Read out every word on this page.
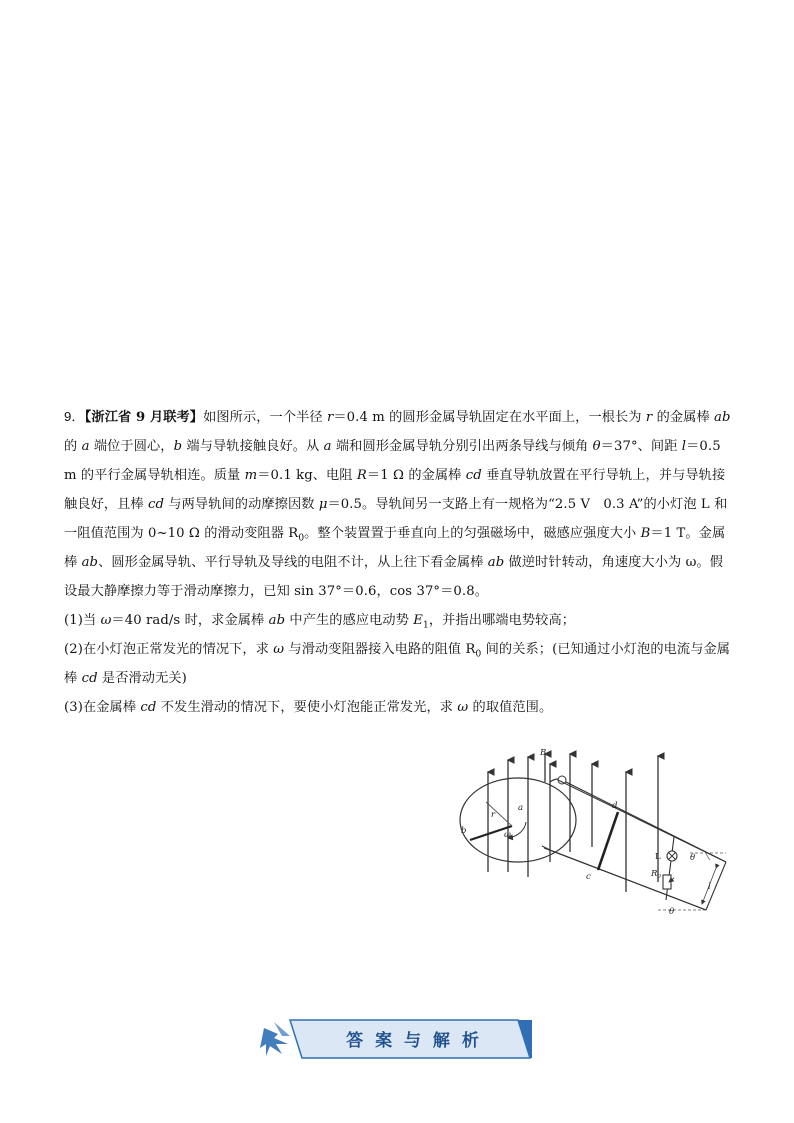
9．【浙江省 9 月联考】如图所示，一个半径 r＝0.4 m 的圆形金属导轨固定在水平面上，一根长为 r 的金属棒 ab 的 a 端位于圆心，b 端与导轨接触良好。从 a 端和圆形金属导轨分别引出两条导线与倾角 θ＝37°、间距 l＝0.5 m 的平行金属导轨相连。质量 m＝0.1 kg、电阻 R＝1 Ω 的金属棒 cd 垂直导轨放置在平行导轨上，并与导轨接触良好，且棒 cd 与两导轨间的动摩擦因数 μ＝0.5。导轨间另一支路上有一规格为“2.5 V　0.3 A”的小灯泡 L 和一阻值范围为 0~10 Ω 的滑动变阻器 $R_0$。整个装置置于垂直向上的匀强磁场中，磁感应强度大小 B＝1 T。金属棒 ab、圆形金属导轨、平行导轨及导线的电阻不计，从上往下看金属棒 ab 做逆时针转动，角速度大小为 ω。假设最大静摩擦力等于滑动摩擦力，已知 sin 37°＝0.6，cos 37°＝0.8。

(1)当 ω＝40 rad/s 时，求金属棒 ab 中产生的感应电动势 $E_1$，并指出哪端电势较高；

(2)在小灯泡正常发光的情况下，求 ω 与滑动变阻器接入电路的阻值 $R_0$ 间的关系；(已知通过小灯泡的电流与金属棒 cd 是否滑动无关)

(3)在金属棒 cd 不发生滑动的情况下，要使小灯泡能正常发光，求 ω 的取值范围。

B
r
a
b	ω
c
d
L
$R_0$
θ
θ
l
答 案 与 解 析
